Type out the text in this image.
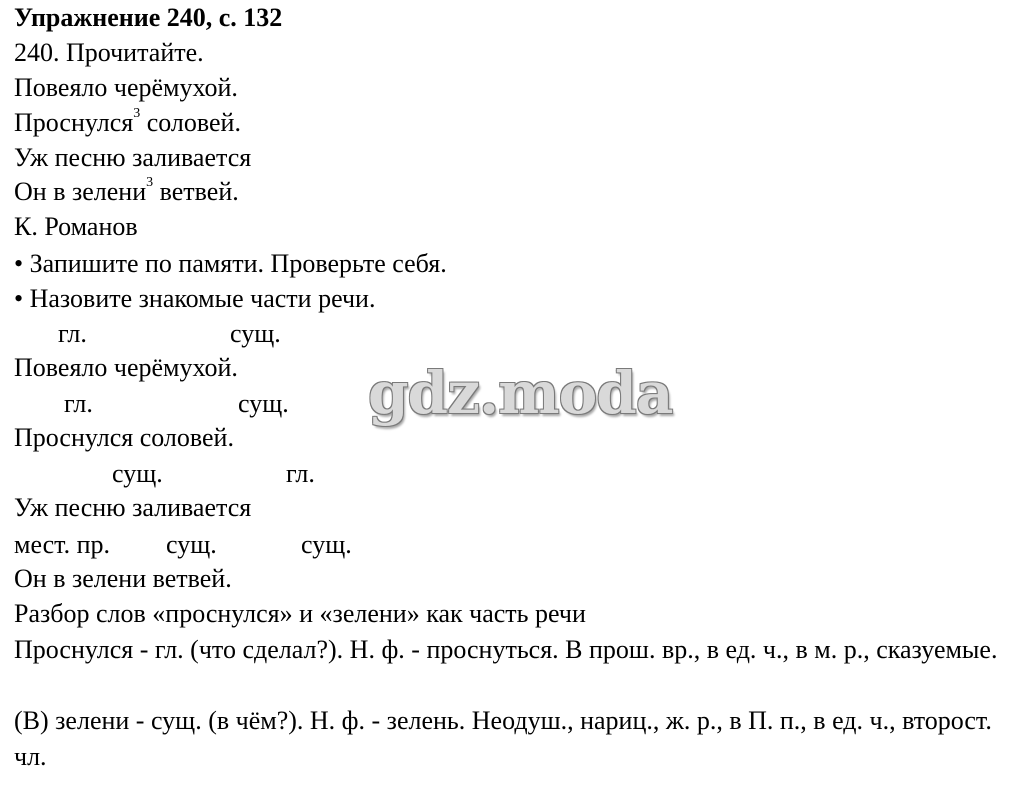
Упражнение 240, с. 132
240. Прочитайте.
Повеяло черёмухой.
Проснулся$^3$ соловей.
Уж песню заливается
Он в зелени$^3$ ветвей.
К. Романов
• Запишите по памяти. Проверьте себя.
• Назовите знакомые части речи.
гл.	сущ.
Повеяло черёмухой.
гл.	сущ.
Проснулся соловей.
сущ.	гл.
Уж песню заливается
мест. пр. сущ.	сущ.
Он в зелени ветвей.
Разбор слов «проснулся» и «зелени» как часть речи
Проснулся - гл. (что сделал?). Н. ф. - проснуться. В прош. вр., в ед. ч., в м. р., сказуемые.
(В) зелени - сущ. (в чём?). Н. ф. - зелень. Неодуш., нариц., ж. р., в П. п., в ед. ч., второст. чл.
gdz.moda
